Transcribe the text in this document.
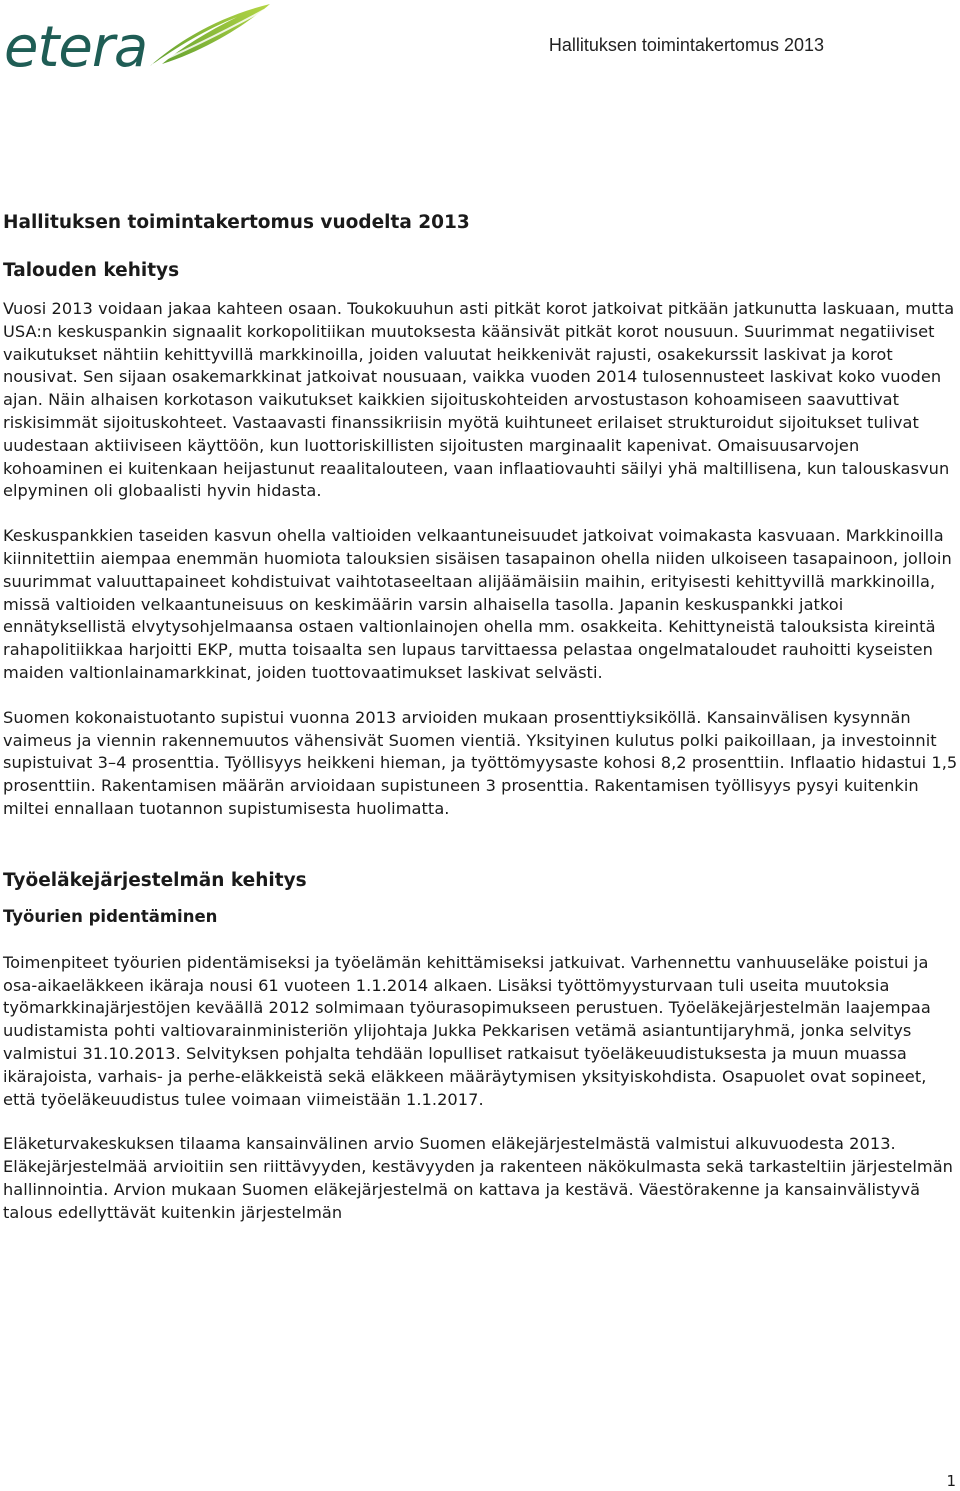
etera	Hallituksen toimintakertomus 2013
Hallituksen toimintakertomus vuodelta 2013
Talouden kehitys

Vuosi 2013 voidaan jakaa kahteen osaan. Toukokuuhun asti pitkät korot jatkoivat pitkään jatkunutta laskuaan, mutta USA:n keskuspankin signaalit korkopolitiikan muutoksesta käänsivät pitkät korot nousuun. Suurimmat negatiiviset vaikutukset nähtiin kehittyvillä markkinoilla, joiden valuutat heikkenivät rajusti, osakekurssit laskivat ja korot nousivat. Sen sijaan osakemarkkinat jatkoivat nousuaan, vaikka vuoden 2014 tulosennusteet laskivat koko vuoden ajan. Näin alhaisen korkotason vaikutukset kaikkien sijoituskohteiden arvostustason kohoamiseen saavuttivat riskisimmät sijoituskohteet. Vastaavasti finanssikriisin myötä kuihtuneet erilaiset strukturoidut sijoitukset tulivat uudestaan aktiiviseen käyttöön, kun luottoriskillisten sijoitusten marginaalit kapenivat. Omaisuusarvojen kohoaminen ei kuitenkaan heijastunut reaalitalouteen, vaan inflaatiovauhti säilyi yhä maltillisena, kun talouskasvun elpyminen oli globaalisti hyvin hidasta.

Keskuspankkien taseiden kasvun ohella valtioiden velkaantuneisuudet jatkoivat voimakasta kasvuaan. Markkinoilla kiinnitettiin aiempaa enemmän huomiota talouksien sisäisen tasapainon ohella niiden ulkoiseen tasapainoon, jolloin suurimmat valuuttapaineet kohdistuivat vaihtotaseeltaan alijäämäisiin maihin, erityisesti kehittyvillä markkinoilla, missä valtioiden velkaantuneisuus on keskimäärin varsin alhaisella tasolla. Japanin keskuspankki jatkoi ennätyksellistä elvytysohjelmaansa ostaen valtionlainojen ohella mm. osakkeita. Kehittyneistä talouksista kireintä rahapolitiikkaa harjoitti EKP, mutta toisaalta sen lupaus tarvittaessa pelastaa ongelmataloudet rauhoitti kyseisten maiden valtionlainamarkkinat, joiden tuottovaatimukset laskivat selvästi.

Suomen kokonaistuotanto supistui vuonna 2013 arvioiden mukaan prosenttiyksiköllä. Kansainvälisen kysynnän vaimeus ja viennin rakennemuutos vähensivät Suomen vientiä. Yksityinen kulutus polki paikoillaan, ja investoinnit supistuivat 3–4 prosenttia. Työllisyys heikkeni hieman, ja työttömyysaste kohosi 8,2 prosenttiin. Inflaatio hidastui 1,5 prosenttiin. Rakentamisen määrän arvioidaan supistuneen 3 prosenttia. Rakentamisen työllisyys pysyi kuitenkin miltei ennallaan tuotannon supistumisesta huolimatta.

Työeläkejärjestelmän kehitys
Työurien pidentäminen

Toimenpiteet työurien pidentämiseksi ja työelämän kehittämiseksi jatkuivat. Varhennettu vanhuuseläke poistui ja osa-aikaeläkkeen ikäraja nousi 61 vuoteen 1.1.2014 alkaen. Lisäksi työttömyysturvaan tuli useita muutoksia työmarkkinajärjestöjen keväällä 2012 solmimaan työurasopimukseen perustuen. Työeläkejärjestelmän laajempaa uudistamista pohti valtiovarainministeriön ylijohtaja Jukka Pekkarisen vetämä asiantuntijaryhmä, jonka selvitys valmistui 31.10.2013. Selvityksen pohjalta tehdään lopulliset ratkaisut työeläkeuudistuksesta ja muun muassa ikärajoista, varhais- ja perhe-eläkkeistä sekä eläkkeen määräytymisen yksityiskohdista. Osapuolet ovat sopineet, että työeläkeuudistus tulee voimaan viimeistään 1.1.2017.

Eläketurvakeskuksen tilaama kansainvälinen arvio Suomen eläkejärjestelmästä valmistui alkuvuodesta 2013. Eläkejärjestelmää arvioitiin sen riittävyyden, kestävyyden ja rakenteen näkökulmasta sekä tarkasteltiin järjestelmän hallinnointia. Arvion mukaan Suomen eläkejärjestelmä on kattava ja kestävä. Väestörakenne ja kansainvälistyvä talous edellyttävät kuitenkin järjestelmän

1
